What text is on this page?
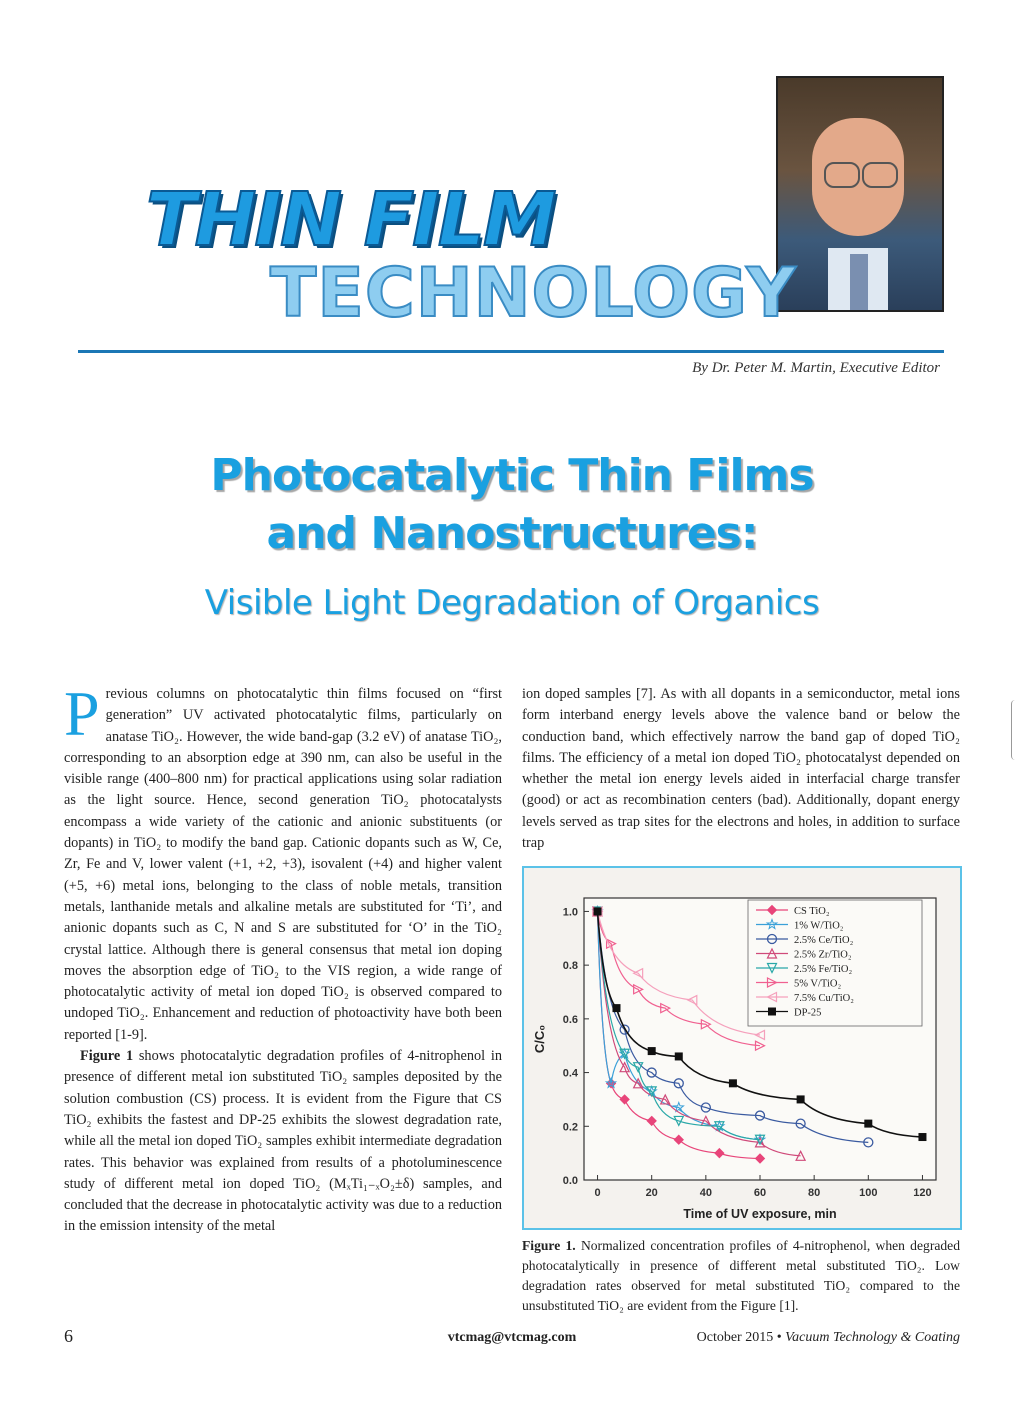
THIN FILM
TECHNOLOGY
By Dr. Peter M. Martin, Executive Editor
Photocatalytic Thin Films
and Nanostructures:
Visible Light Degradation of Organics

Previous columns on photocatalytic thin films focused on “first generation” UV activated photocatalytic films, particularly on anatase TiO₂. However, the wide band-gap (3.2 eV) of anatase TiO₂, corresponding to an absorption edge at 390 nm, can also be useful in the visible range (400–800 nm) for practical applications using solar radiation as the light source. Hence, second generation TiO₂ photocatalysts encompass a wide variety of the cationic and anionic substituents (or dopants) in TiO₂ to modify the band gap. Cationic dopants such as W, Ce, Zr, Fe and V, lower valent (+1, +2, +3), isovalent (+4) and higher valent (+5, +6) metal ions, belonging to the class of noble metals, transition metals, lanthanide metals and alkaline metals are substituted for ‘Ti’, and anionic dopants such as C, N and S are substituted for ‘O’ in the TiO₂ crystal lattice. Although there is general consensus that metal ion doping moves the absorption edge of TiO₂ to the VIS region, a wide range of photocatalytic activity of metal ion doped TiO₂ is observed compared to undoped TiO₂. Enhancement and reduction of photoactivity have both been reported [1-9].

Figure 1 shows photocatalytic degradation profiles of 4-nitrophenol in presence of different metal ion substituted TiO₂ samples deposited by the solution combustion (CS) process. It is evident from the Figure that CS TiO₂ exhibits the fastest and DP-25 exhibits the slowest degradation rate, while all the metal ion doped TiO₂ samples exhibit intermediate degradation rates. This behavior was explained from results of a photoluminescence study of different metal ion doped TiO₂ (MₓTi₁₋ₓO₂±δ) samples, and concluded that the decrease in photocatalytic activity was due to a reduction in the emission intensity of the metal

ion doped samples [7]. As with all dopants in a semiconductor, metal ions form interband energy levels above the valence band or below the conduction band, which effectively narrow the band gap of doped TiO₂ films. The efficiency of a metal ion doped TiO₂ photocatalyst depended on whether the metal ion energy levels aided in interfacial charge transfer (good) or act as recombination centers (bad). Additionally, dopant energy levels served as trap sites for the electrons and holes, in addition to surface trap

0	20	40	60	80	100	120
0.0
0.2
0.4
0.6
0.8
1.0
Time of UV exposure, min
C/C₀
CS TiO₂
1% W/TiO₂
2.5% Ce/TiO₂
2.5% Zr/TiO₂
2.5% Fe/TiO₂
5% V/TiO₂
7.5% Cu/TiO₂
DP-25
Figure 1. Normalized concentration profiles of 4-nitrophenol, when degraded photocatalytically in presence of different metal substituted TiO₂. Low degradation rates observed for metal substituted TiO₂ compared to the unsubstituted TiO₂ are evident from the Figure [1].
6	vtcmag@vtcmag.com	October 2015 • Vacuum Technology & Coating
